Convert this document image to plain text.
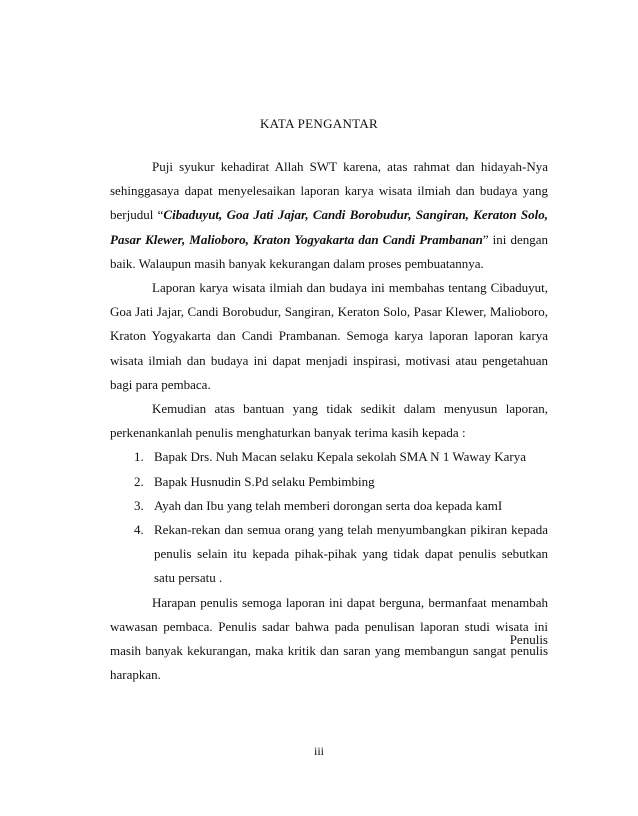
KATA PENGANTAR

Puji syukur kehadirat Allah SWT karena, atas rahmat dan hidayah-Nya sehinggasaya dapat menyelesaikan laporan karya wisata ilmiah dan budaya yang berjudul “Cibaduyut, Goa Jati Jajar, Candi Borobudur, Sangiran, Keraton Solo, Pasar Klewer, Malioboro, Kraton Yogyakarta dan Candi Prambanan” ini dengan baik. Walaupun masih banyak kekurangan dalam proses pembuatannya.

Laporan karya wisata ilmiah dan budaya ini membahas tentang Cibaduyut, Goa Jati Jajar, Candi Borobudur, Sangiran, Keraton Solo, Pasar Klewer, Malioboro, Kraton Yogyakarta dan Candi Prambanan. Semoga karya laporan laporan karya wisata ilmiah dan budaya ini dapat menjadi inspirasi, motivasi atau pengetahuan bagi para pembaca.

Kemudian atas bantuan yang tidak sedikit dalam menyusun laporan, perkenankanlah penulis menghaturkan banyak terima kasih kepada :

1. Bapak Drs. Nuh Macan selaku Kepala sekolah SMA N 1 Waway Karya
2. Bapak Husnudin S.Pd selaku Pembimbing
3. Ayah dan Ibu yang telah memberi dorongan serta doa kepada kamI
4. Rekan-rekan dan semua orang yang telah menyumbangkan pikiran kepada penulis selain itu kepada pihak-pihak yang tidak dapat penulis sebutkan satu persatu .

Harapan penulis semoga laporan ini dapat berguna, bermanfaat menambah wawasan pembaca. Penulis sadar bahwa pada penulisan laporan studi wisata ini masih banyak kekurangan, maka kritik dan saran yang membangun sangat penulis harapkan.

Penulis
iii
